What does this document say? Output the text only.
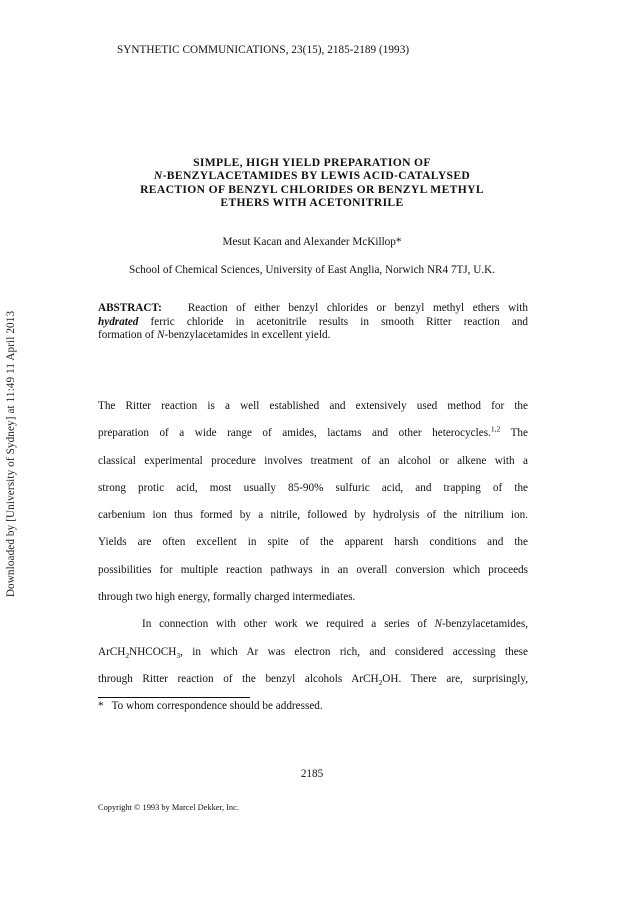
Downloaded by [University of Sydney] at 11:49 11 April 2013
SYNTHETIC COMMUNICATIONS, 23(15), 2185-2189 (1993)
SIMPLE, HIGH YIELD PREPARATION OF
N-BENZYLACETAMIDES BY LEWIS ACID-CATALYSED
REACTION OF BENZYL CHLORIDES OR BENZYL METHYL
ETHERS WITH ACETONITRILE
Mesut Kacan and Alexander McKillop*
School of Chemical Sciences, University of East Anglia, Norwich NR4 7TJ, U.K.

ABSTRACT: Reaction of either benzyl chlorides or benzyl methyl ethers with
hydrated ferric chloride in acetonitrile results in smooth Ritter reaction and
formation of N-benzylacetamides in excellent yield.

The Ritter reaction is a well established and extensively used method for the
preparation of a wide range of amides, lactams and other heterocycles.$^{1,2}$ The
classical experimental procedure involves treatment of an alcohol or alkene with a
strong protic acid, most usually 85-90% sulfuric acid, and trapping of the
carbenium ion thus formed by a nitrile, followed by hydrolysis of the nitrilium ion.
Yields are often excellent in spite of the apparent harsh conditions and the
possibilities for multiple reaction pathways in an overall conversion which proceeds
through two high energy, formally charged intermediates.
In connection with other work we required a series of N-benzylacetamides,
$ArCH_2NHCOCH_3$, in which Ar was electron rich, and considered accessing these
through Ritter reaction of the benzyl alcohols ArCH$_2$OH. There are, surprisingly,
* To whom correspondence should be addressed.
2185
Copyright © 1993 by Marcel Dekker, Inc.
